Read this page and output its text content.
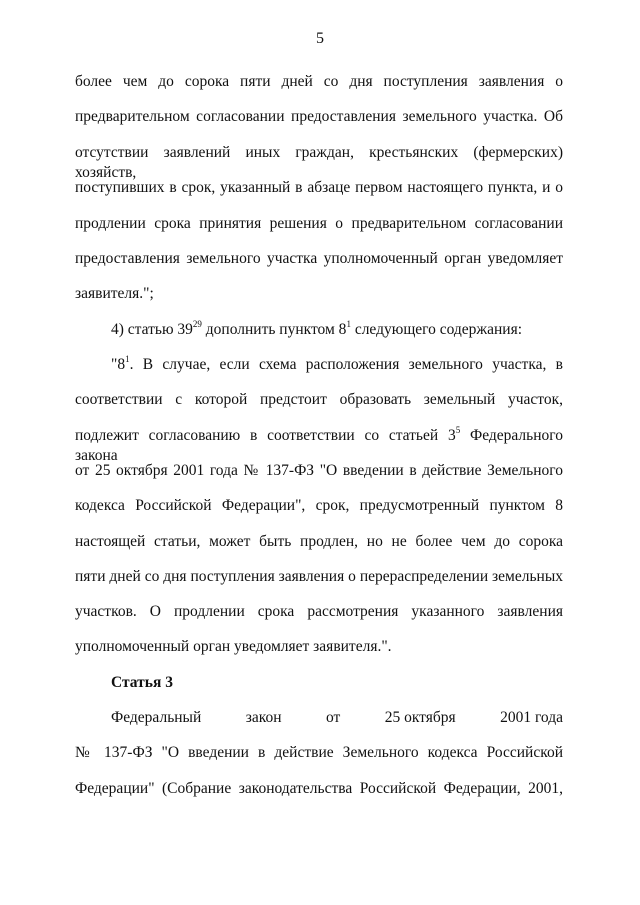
5
более чем до сорока пяти дней со дня поступления заявления о
предварительном согласовании предоставления земельного участка. Об
отсутствии заявлений иных граждан, крестьянских (фермерских) хозяйств,
поступивших в срок, указанный в абзаце первом настоящего пункта, и о
продлении срока принятия решения о предварительном согласовании
предоставления земельного участка уполномоченный орган уведомляет
заявителя.";
4) статью $39^{29}$ дополнить пунктом $8^1$ следующего содержания:
"$8^1$. В случае, если схема расположения земельного участка, в
соответствии с которой предстоит образовать земельный участок,
подлежит согласованию в соответствии со статьей $3^5$ Федерального закона
от 25 октября 2001 года № 137-ФЗ "О введении в действие Земельного
кодекса Российской Федерации", срок, предусмотренный пунктом 8
настоящей статьи, может быть продлен, но не более чем до сорока
пяти дней со дня поступления заявления о перераспределении земельных
участков. О продлении срока рассмотрения указанного заявления
уполномоченный орган уведомляет заявителя.".
Статья 3
Федеральный	закон	от	25 октября	2001 года
№ 137-ФЗ "О введении в действие Земельного кодекса Российской
Федерации" (Собрание законодательства Российской Федерации, 2001,
